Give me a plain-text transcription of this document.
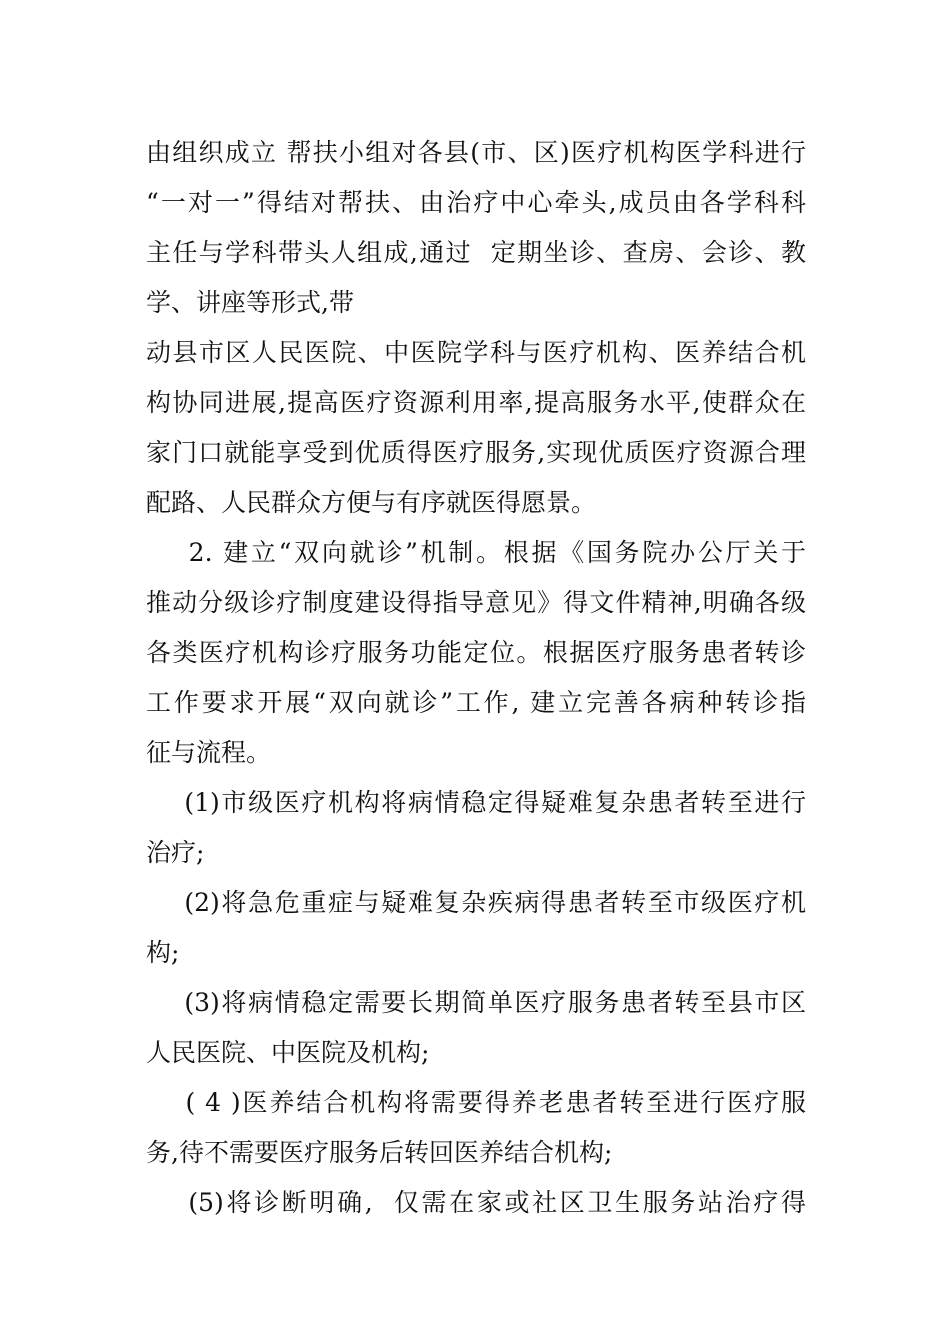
由组织成立 帮扶小组对各县(市、区)医疗机构医学科进行
“一对一”得结对帮扶、由治疗中心牵头,成员由各学科科
主任与学科带头人组成,通过  定期坐诊、查房、会诊、教
学、讲座等形式,带
动县市区人民医院、中医院学科与医疗机构、医养结合机
构协同进展,提高医疗资源利用率,提高服务水平,使群众在
家门口就能享受到优质得医疗服务,实现优质医疗资源合理
配路、人民群众方便与有序就医得愿景。
2. 建立“双向就诊”机制。根据《国务院办公厅关于
推动分级诊疗制度建设得指导意见》得文件精神,明确各级
各类医疗机构诊疗服务功能定位。根据医疗服务患者转诊
工作要求开展“双向就诊”工作, 建立完善各病种转诊指
征与流程。
(1)市级医疗机构将病情稳定得疑难复杂患者转至进行
治疗;
(2)将急危重症与疑难复杂疾病得患者转至市级医疗机
构;
(3)将病情稳定需要长期简单医疗服务患者转至县市区
人民医院、中医院及机构;
( 4 )医养结合机构将需要得养老患者转至进行医疗服
务,待不需要医疗服务后转回医养结合机构;
(5)将诊断明确,  仅需在家或社区卫生服务站治疗得
